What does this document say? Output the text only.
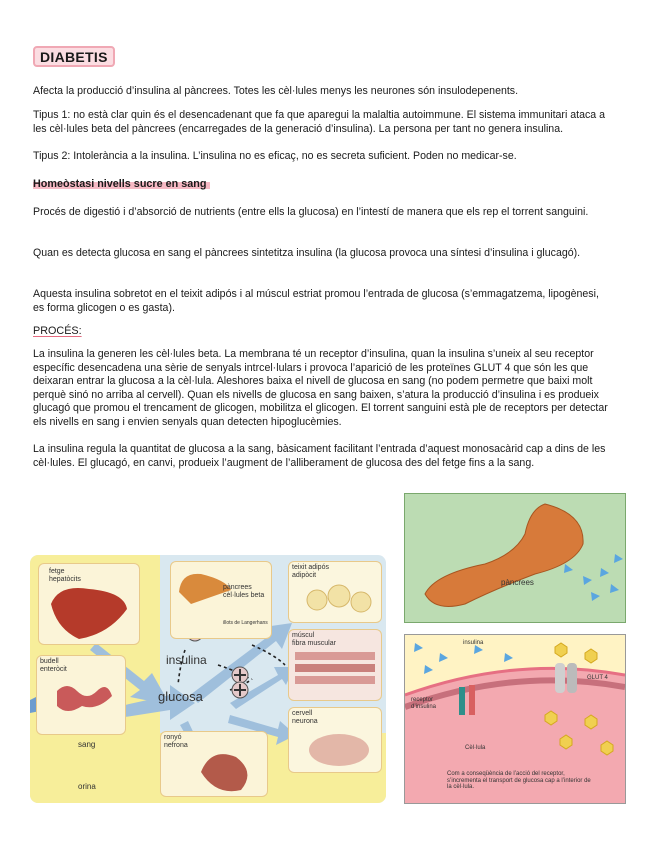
DIABETIS

Afecta la producció d’insulina al pàncrees. Totes les cèl·lules menys les neurones són insulodepenents.

Tipus 1: no està clar quin és el desencadenant que fa que aparegui la malaltia autoimmune. El sistema immunitari ataca a les cèl·lules beta del pàncrees (encarregades de la generació d’insulina). La persona per tant no genera insulina.

Tipus 2: Intolerància a la insulina. L’insulina no es eficaç, no es secreta suficient. Poden no medicar-se.

Homeòstasi nivells sucre en sang

Procés de digestió i d’absorció de nutrients (entre ells la glucosa) en l’intestí de manera que els rep el torrent sanguini.

Quan es detecta glucosa en sang el pàncrees sintetitza insulina (la glucosa provoca una síntesi d’insulina i glucagó).

Aquesta insulina sobretot en el teixit adipós i al múscul estriat promou l’entrada de glucosa (s’emmagatzema, lipogènesi, es forma glicogen o es gasta).

PROCÉS:

La insulina la generen les cèl·lules beta. La membrana té un receptor d’insulina, quan la insulina s’uneix al seu receptor específic desencadena una sèrie de senyals intrcel·lulars i provoca l’aparició de les proteïnes GLUT 4 que són les que deixaran entrar la glucosa a la cèl·lula. Aleshores baixa el nivell de glucosa en sang (no podem permetre que baixi molt perquè sinó no arriba al cervell). Quan els nivells de glucosa en sang baixen, s’atura la producció d’insulina i es produeix glucagó que promou el trencament de glicogen, mobilitza el glicogen. El torrent sanguini està ple de receptors per detectar els nivells en sang i envien senyals quan detecten hipoglucèmies.

La insulina regula la quantitat de glucosa a la sang, bàsicament facilitant l’entrada d’aquest monosacàrid cap a dins de les cèl·lules. El glucagó, en canvi, produeix l’augment de l’alliberament de glucosa des del fetge fins a la sang.

fetge
hepatòcits
pàncrees
cèl·lules beta
illots de Langerhans
teixit adipós
adipòcit
múscul
fibra muscular
cervell
neurona
budell
enteròcit
ronyó
nefrona
insulina
glucosa
sang
orina
pàncrees
insulina
GLUT 4
receptor d’insulina
Cèl·lula
Com a conseqüència de l’acció del receptor, s’incrementa el transport de glucosa cap a l’interior de la cèl·lula.
